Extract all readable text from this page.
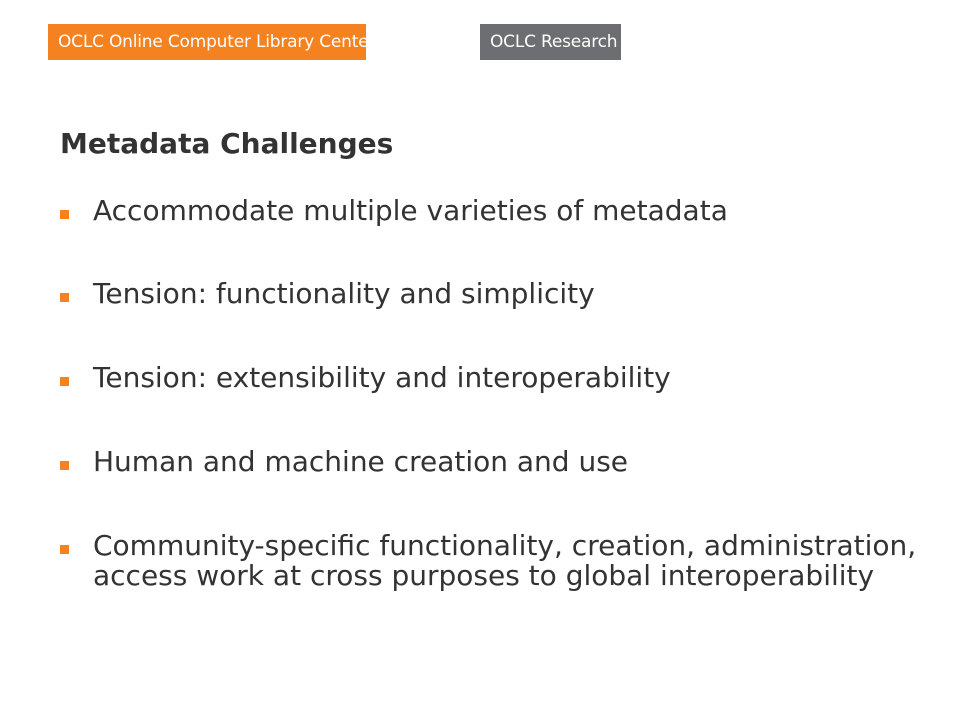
OCLC Online Computer Library Center	OCLC Research
Metadata Challenges
Accommodate multiple varieties of metadata
Tension: functionality and simplicity
Tension: extensibility and interoperability
Human and machine creation and use
Community-specific functionality, creation, administration, access work at cross purposes to global interoperability
